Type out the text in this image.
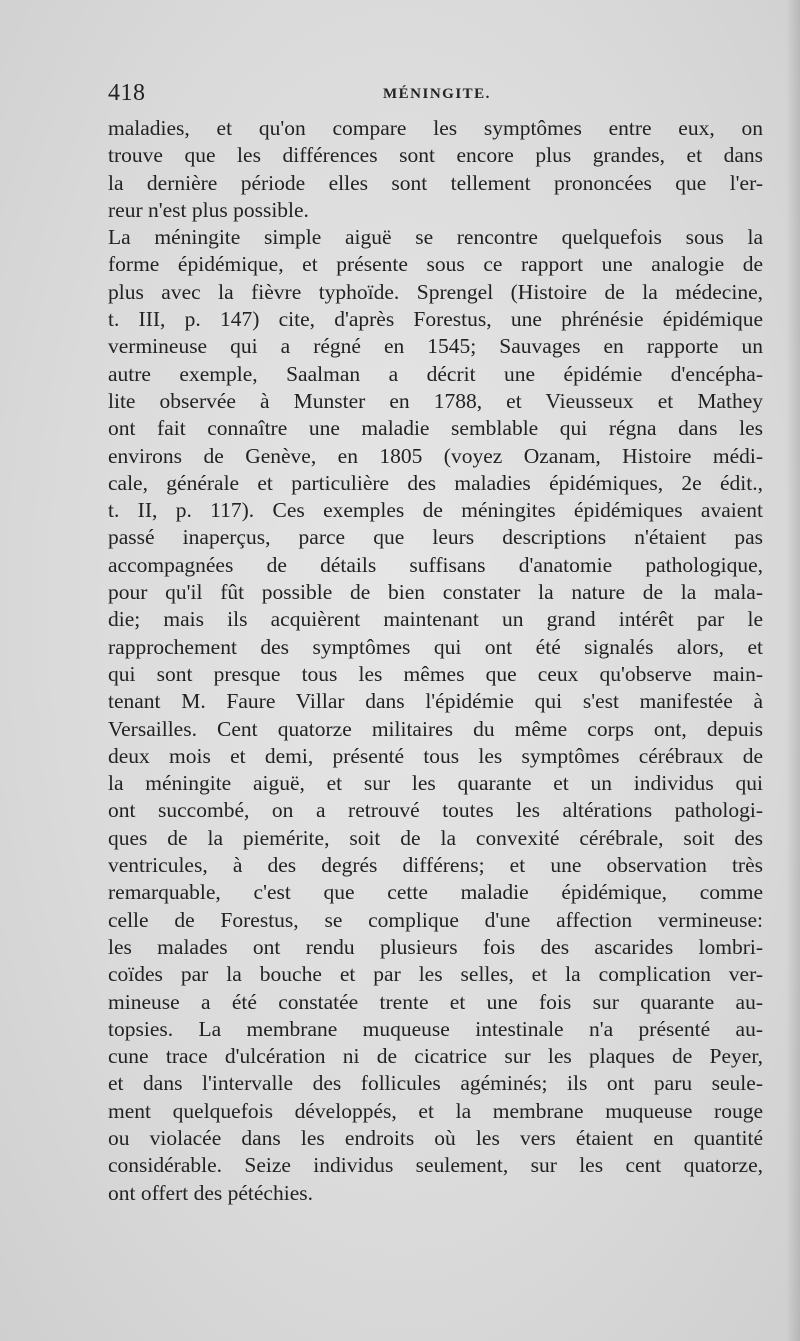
418	MÉNINGITE.
maladies, et qu'on compare les symptômes entre eux, on
trouve que les différences sont encore plus grandes, et dans
la dernière période elles sont tellement prononcées que l'er-
reur n'est plus possible.
La méningite simple aiguë se rencontre quelquefois sous la
forme épidémique, et présente sous ce rapport une analogie de
plus avec la fièvre typhoïde. Sprengel (Histoire de la médecine,
t. III, p. 147) cite, d'après Forestus, une phrénésie épidémique
vermineuse qui a régné en 1545; Sauvages en rapporte un
autre exemple, Saalman a décrit une épidémie d'encépha-
lite observée à Munster en 1788, et Vieusseux et Mathey
ont fait connaître une maladie semblable qui régna dans les
environs de Genève, en 1805 (voyez Ozanam, Histoire médi-
cale, générale et particulière des maladies épidémiques, 2e édit.,
t. II, p. 117). Ces exemples de méningites épidémiques avaient
passé inaperçus, parce que leurs descriptions n'étaient pas
accompagnées de détails suffisans d'anatomie pathologique,
pour qu'il fût possible de bien constater la nature de la mala-
die; mais ils acquièrent maintenant un grand intérêt par le
rapprochement des symptômes qui ont été signalés alors, et
qui sont presque tous les mêmes que ceux qu'observe main-
tenant M. Faure Villar dans l'épidémie qui s'est manifestée à
Versailles. Cent quatorze militaires du même corps ont, depuis
deux mois et demi, présenté tous les symptômes cérébraux de
la méningite aiguë, et sur les quarante et un individus qui
ont succombé, on a retrouvé toutes les altérations pathologi-
ques de la piemérite, soit de la convexité cérébrale, soit des
ventricules, à des degrés différens; et une observation très
remarquable, c'est que cette maladie épidémique, comme
celle de Forestus, se complique d'une affection vermineuse:
les malades ont rendu plusieurs fois des ascarides lombri-
coïdes par la bouche et par les selles, et la complication ver-
mineuse a été constatée trente et une fois sur quarante au-
topsies. La membrane muqueuse intestinale n'a présenté au-
cune trace d'ulcération ni de cicatrice sur les plaques de Peyer,
et dans l'intervalle des follicules agéminés; ils ont paru seule-
ment quelquefois développés, et la membrane muqueuse rouge
ou violacée dans les endroits où les vers étaient en quantité
considérable. Seize individus seulement, sur les cent quatorze,
ont offert des pétéchies.
